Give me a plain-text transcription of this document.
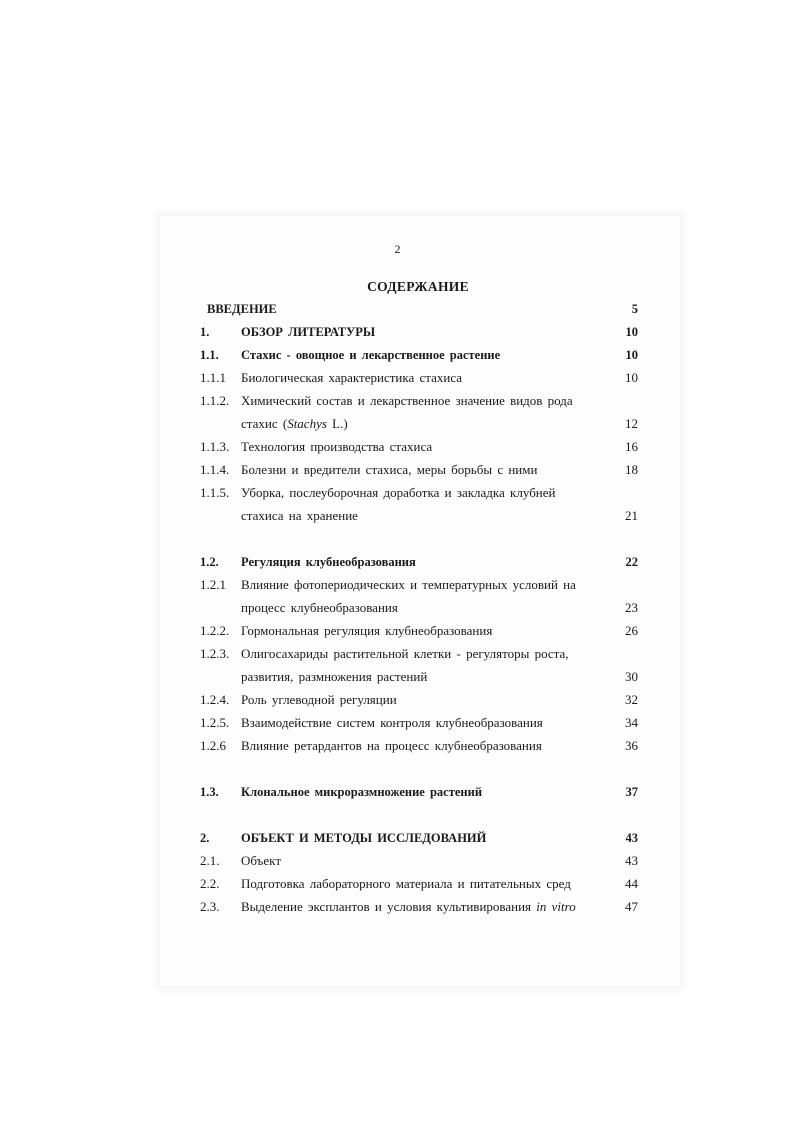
2
СОДЕРЖАНИЕ
ВВЕДЕНИЕ	5
1.	ОБЗОР ЛИТЕРАТУРЫ	10
1.1. Стахис - овощное и лекарственное растение	10
1.1.1 Биологическая характеристика стахиса	10
1.1.2. Химический состав и лекарственное значение видов рода
стахис (Stachys L.)	12
1.1.3. Технология производства стахиса	16
1.1.4. Болезни и вредители стахиса, меры борьбы с ними	18
1.1.5. Уборка, послеуборочная доработка и закладка клубней
стахиса на хранение	21
1.2. Регуляция клубнеобразования	22
1.2.1 Влияние фотопериодических и температурных условий на
процесс клубнеобразования	23
1.2.2. Гормональная регуляция клубнеобразования	26
1.2.3. Олигосахариды растительной клетки - регуляторы роста,
развития, размножения растений	30
1.2.4. Роль углеводной регуляции	32
1.2.5. Взаимодействие систем контроля клубнеобразования	34
1.2.6 Влияние ретардантов на процесс клубнеобразования	36
1.3. Клональное микроразмножение растений	37
2.	ОБЪЕКТ И МЕТОДЫ ИССЛЕДОВАНИЙ	43
2.1. Объект	43
2.2. Подготовка лабораторного материала и питательных сред	44
2.3. Выделение эксплантов и условия культивирования in vitro	47
